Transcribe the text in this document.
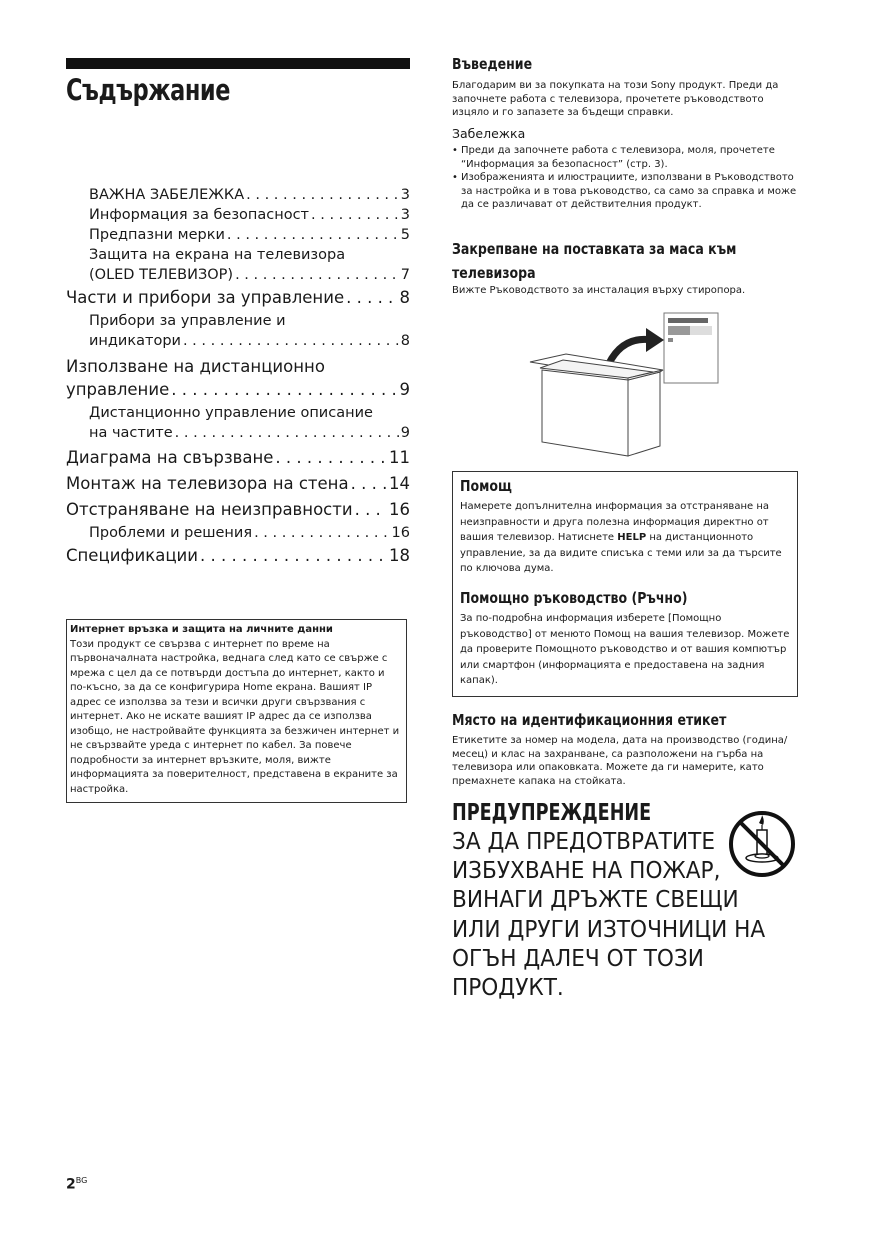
Съдържание
ВАЖНА ЗАБЕЛЕЖКА . . .	3
Информация за безопасност . . .	3
Предпазни мерки . . .	5
Защита на екрана на телевизора
(OLED ТЕЛЕВИЗОР) . . .	7
Части и прибори за управление . . .	8
Прибори за управление и
индикатори . . .	8
Използване на дистанционно
управление . . .	9
Дистанционно управление описание
на частите . . .	9
Диаграма на свързване . . .	11
Монтаж на телевизора на стена . . . 14
Отстраняване на неизправности . . . 16
Проблеми и решения . . .	16
Спецификации . . .	18
Интернет връзка и защита на личните данни
Този продукт се свързва с интернет по време на първоначалната настройка, веднага след като се свърже с мрежа с цел да се потвърди достъпа до интернет, както и по-късно, за да се конфигурира Home екрана. Вашият IP адрес се използва за тези и всички други свързвания с интернет. Ако не искате вашият IP адрес да се използва изобщо, не настройвайте функцията за безжичен интернет и не свързвайте уреда с интернет по кабел. За повече подробности за интернет връзките, моля, вижте информацията за поверителност, представена в екраните за настройка.
$2^{BG}$
Въведение
Благодарим ви за покупката на този Sony продукт. Преди да започнете работа с телевизора, прочетете ръководството изцяло и го запазете за бъдещи справки.
Забележка
• Преди да започнете работа с телевизора, моля, прочетете “Информация за безопасност” (стр. 3).
• Изображенията и илюстрациите, използвани в Ръководството за настройка и в това ръководство, са само за справка и може да се различават от действителния продукт.
Закрепване на поставката за маса към телевизора
Вижте Ръководството за инсталация върху стиропора.
Помощ
Намерете допълнителна информация за отстраняване на неизправности и друга полезна информация директно от вашия телевизор. Натиснете HELP на дистанционното управление, за да видите списъка с теми или за да търсите по ключова дума.
Помощно ръководство (Ръчно)
За по-подробна информация изберете [Помощно ръководство] от менюто Помощ на вашия телевизор. Можете да проверите Помощното ръководство и от вашия компютър или смартфон (информацията е предоставена на задния капак).
Място на идентификационния етикет
Етикетите за номер на модела, дата на производство (година/месец) и клас на захранване, са разположени на гърба на телевизора или опаковката. Можете да ги намерите, като премахнете капака на стойката.
ПРЕДУПРЕЖДЕНИЕ
ЗА ДА ПРЕДОТВРАТИТЕ ИЗБУХВАНЕ НА ПОЖАР, ВИНАГИ ДРЪЖТЕ СВЕЩИ ИЛИ ДРУГИ ИЗТОЧНИЦИ НА ОГЪН ДАЛЕЧ ОТ ТОЗИ ПРОДУКТ.
